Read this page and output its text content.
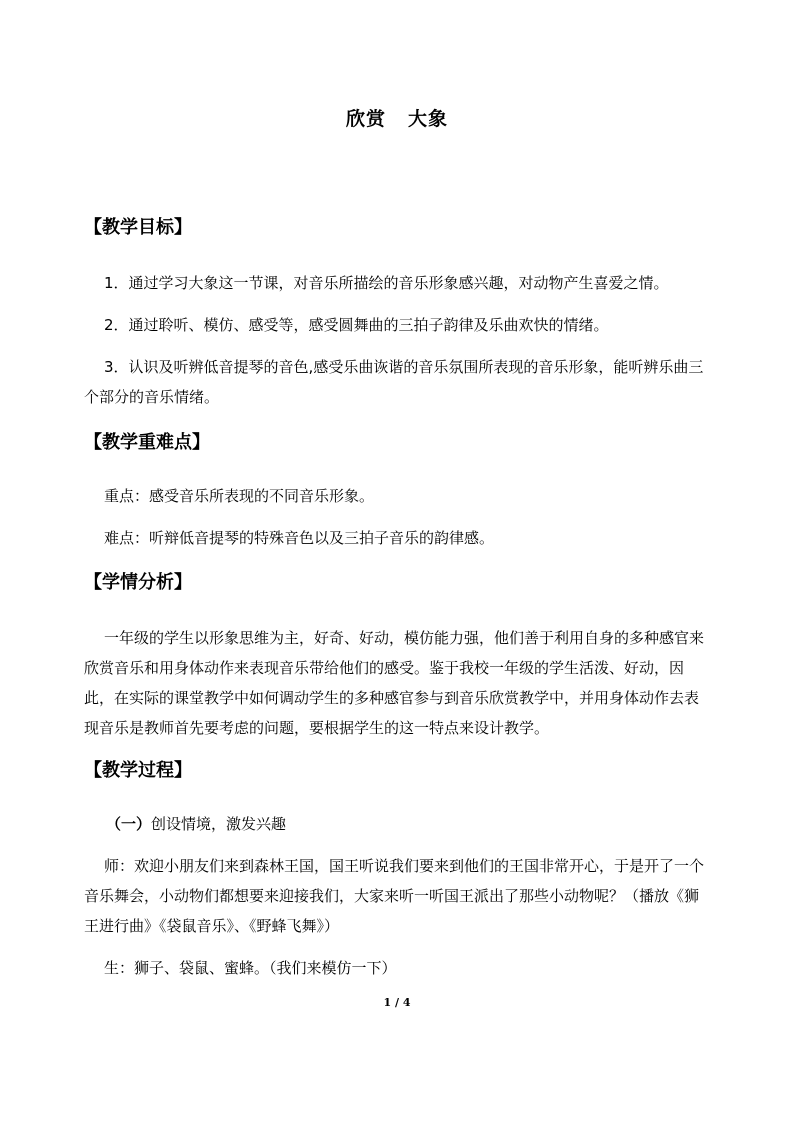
欣赏 大象
【教学目标】
1．通过学习大象这一节课，对音乐所描绘的音乐形象感兴趣，对动物产生喜爱之情。
2．通过聆听、模仿、感受等，感受圆舞曲的三拍子韵律及乐曲欢快的情绪。
3．认识及听辨低音提琴的音色,感受乐曲诙谐的音乐氛围所表现的音乐形象，能听辨乐曲三个部分的音乐情绪。
【教学重难点】
重点：感受音乐所表现的不同音乐形象。
难点：听辩低音提琴的特殊音色以及三拍子音乐的韵律感。
【学情分析】
一年级的学生以形象思维为主，好奇、好动，模仿能力强，他们善于利用自身的多种感官来欣赏音乐和用身体动作来表现音乐带给他们的感受。鉴于我校一年级的学生活泼、好动，因此，在实际的课堂教学中如何调动学生的多种感官参与到音乐欣赏教学中，并用身体动作去表现音乐是教师首先要考虑的问题，要根据学生的这一特点来设计教学。
【教学过程】
（一）创设情境，激发兴趣
师：欢迎小朋友们来到森林王国，国王听说我们要来到他们的王国非常开心，于是开了一个音乐舞会，小动物们都想要来迎接我们，大家来听一听国王派出了那些小动物呢？（播放《狮王进行曲》《袋鼠音乐》、《野蜂飞舞》）
生：狮子、袋鼠、蜜蜂。（我们来模仿一下）
1 / 4
